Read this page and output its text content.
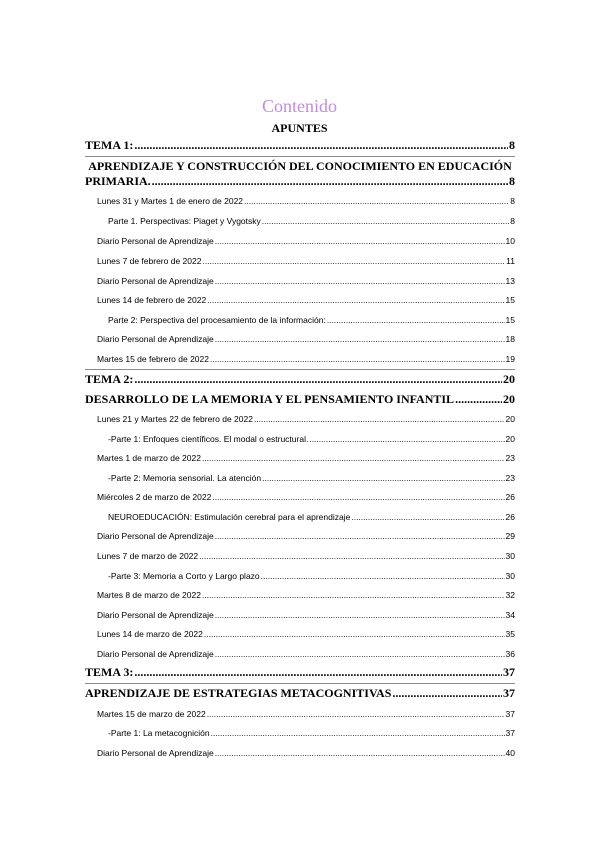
Contenido
APUNTES
TEMA 1: .....	8
APRENDIZAJE Y CONSTRUCCIÓN DEL CONOCIMIENTO EN EDUCACIÓN
PRIMARIA. .....	8
Lunes 31 y Martes 1 de enero de 2022 .....	8
Parte 1. Perspectivas: Piaget y Vygotsky .....	8
Diario Personal de Aprendizaje .....	10
Lunes 7 de febrero de 2022 .....	11
Diario Personal de Aprendizaje .....	13
Lunes 14 de febrero de 2022 .....	15
Parte 2: Perspectiva del procesamiento de la información: .....	15
Diario Personal de Aprendizaje .....	18
Martes 15 de febrero de 2022 .....	19
TEMA 2: .....	20
DESARROLLO DE LA MEMORIA Y EL PENSAMIENTO INFANTIL .....	20
Lunes 21 y Martes 22 de febrero de 2022 .....	20
-Parte 1: Enfoques científicos. El modal o estructural. .....	20
Martes 1 de marzo de 2022 .....	23
-Parte 2: Memoria sensorial. La atención .....	23
Miércoles 2 de marzo de 2022 .....	26
NEUROEDUCACIÓN: Estimulación cerebral para el aprendizaje .....	26
Diario Personal de Aprendizaje .....	29
Lunes 7 de marzo de 2022 .....	30
-Parte 3: Memoria a Corto y Largo plazo .....	30
Martes 8 de marzo de 2022 .....	32
Diario Personal de Aprendizaje .....	34
Lunes 14 de marzo de 2022 .....	35
Diario Personal de Aprendizaje .....	36
TEMA 3: .....	37
APRENDIZAJE DE ESTRATEGIAS METACOGNITIVAS .....	37
Martes 15 de marzo de 2022 .....	37
-Parte 1: La metacognición .....	37
Diario Personal de Aprendizaje .....	40
